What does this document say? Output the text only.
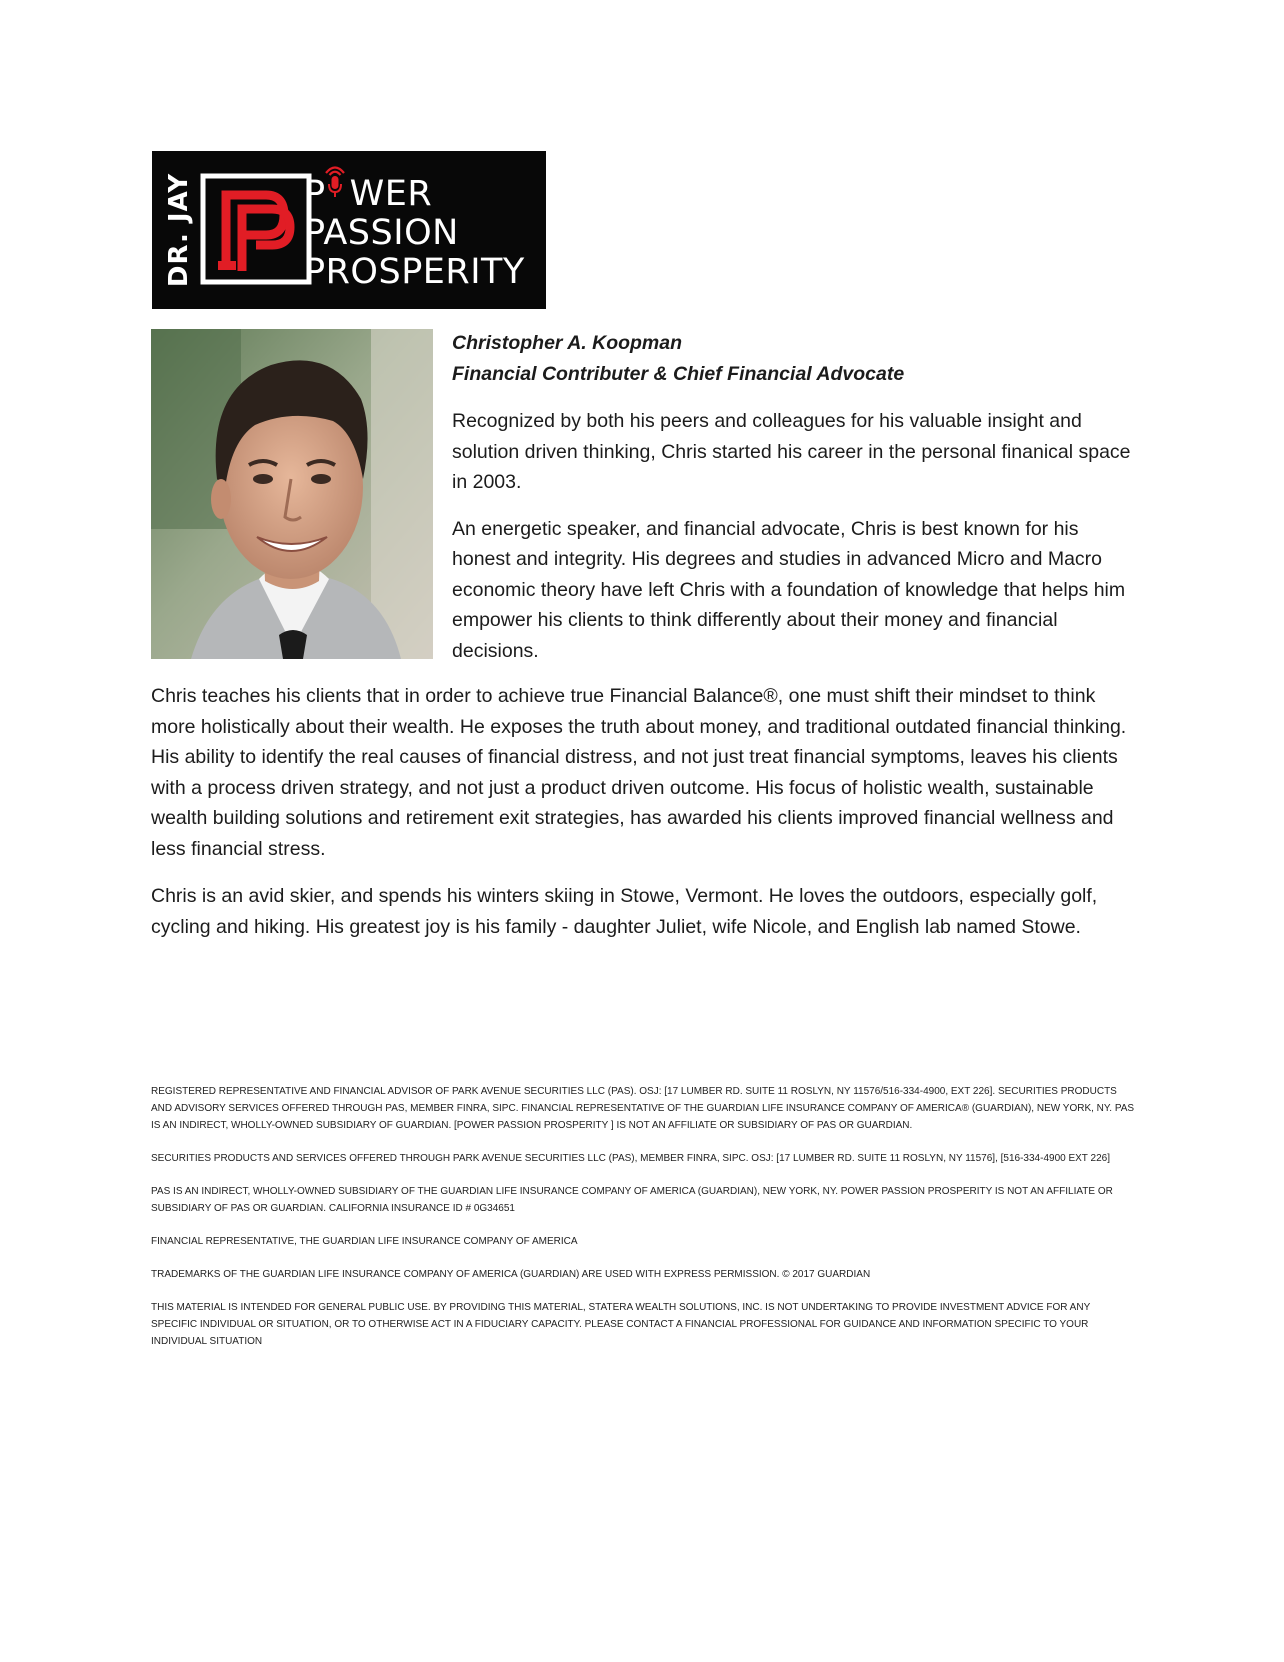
DR. JAY	PASSION
PROSPERITY
P WER

Christopher A. Koopman

Financial Contributer & Chief Financial Advocate

Recognized by both his peers and colleagues for his valuable insight and solution driven thinking, Chris started his career in the personal finanical space in 2003.

An energetic speaker, and financial advocate, Chris is best known for his honest and integrity. His degrees and studies in advanced Micro and Macro economic theory have left Chris with a foundation of knowledge that helps him empower his clients to think differently about their money and financial decisions.

Chris teaches his clients that in order to achieve true Financial Balance®, one must shift their mindset to think more holistically about their wealth. He exposes the truth about money, and traditional outdated financial thinking. His ability to identify the real causes of financial distress, and not just treat financial symptoms, leaves his clients with a process driven strategy, and not just a product driven outcome. His focus of holistic wealth, sustainable wealth building solutions and retirement exit strategies, has awarded his clients improved financial wellness and less financial stress.

Chris is an avid skier, and spends his winters skiing in Stowe, Vermont. He loves the outdoors, especially golf, cycling and hiking. His greatest joy is his family - daughter Juliet, wife Nicole, and English lab named Stowe.

REGISTERED REPRESENTATIVE AND FINANCIAL ADVISOR OF PARK AVENUE SECURITIES LLC (PAS). OSJ: [17 LUMBER RD. SUITE 11 ROSLYN, NY 11576/516-334-4900, EXT 226]. SECURITIES PRODUCTS AND ADVISORY SERVICES OFFERED THROUGH PAS, MEMBER FINRA, SIPC. FINANCIAL REPRESENTATIVE OF THE GUARDIAN LIFE INSURANCE COMPANY OF AMERICA® (GUARDIAN), NEW YORK, NY. PAS IS AN INDIRECT, WHOLLY-OWNED SUBSIDIARY OF GUARDIAN. [POWER PASSION PROSPERITY ] IS NOT AN AFFILIATE OR SUBSIDIARY OF PAS OR GUARDIAN.

SECURITIES PRODUCTS AND SERVICES OFFERED THROUGH PARK AVENUE SECURITIES LLC (PAS), MEMBER FINRA, SIPC. OSJ: [17 LUMBER RD. SUITE 11 ROSLYN, NY 11576], [516-334-4900 EXT 226]

PAS IS AN INDIRECT, WHOLLY-OWNED SUBSIDIARY OF THE GUARDIAN LIFE INSURANCE COMPANY OF AMERICA (GUARDIAN), NEW YORK, NY. POWER PASSION PROSPERITY IS NOT AN AFFILIATE OR SUBSIDIARY OF PAS OR GUARDIAN. CALIFORNIA INSURANCE ID # 0G34651

FINANCIAL REPRESENTATIVE, THE GUARDIAN LIFE INSURANCE COMPANY OF AMERICA

TRADEMARKS OF THE GUARDIAN LIFE INSURANCE COMPANY OF AMERICA (GUARDIAN) ARE USED WITH EXPRESS PERMISSION. © 2017 GUARDIAN

THIS MATERIAL IS INTENDED FOR GENERAL PUBLIC USE. BY PROVIDING THIS MATERIAL, STATERA WEALTH SOLUTIONS, INC. IS NOT UNDERTAKING TO PROVIDE INVESTMENT ADVICE FOR ANY SPECIFIC INDIVIDUAL OR SITUATION, OR TO OTHERWISE ACT IN A FIDUCIARY CAPACITY. PLEASE CONTACT A FINANCIAL PROFESSIONAL FOR GUIDANCE AND INFORMATION SPECIFIC TO YOUR INDIVIDUAL SITUATION
